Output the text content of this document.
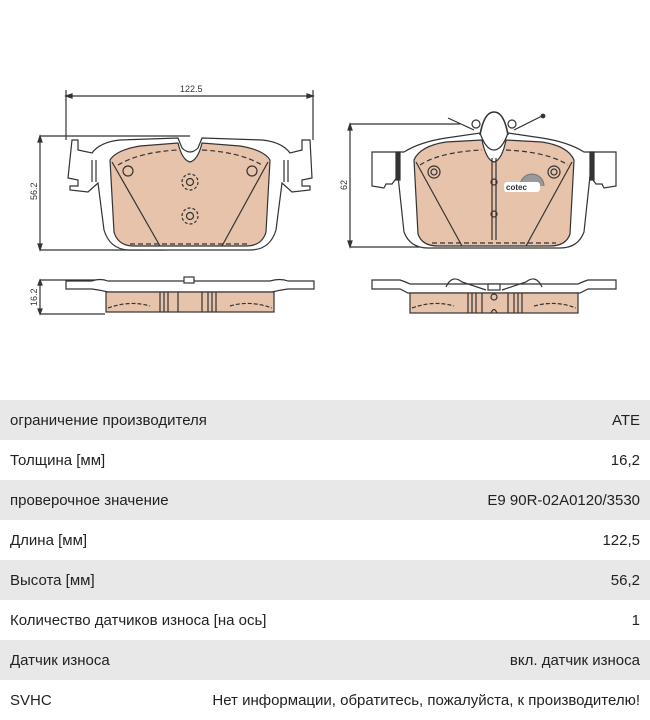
122.5
56.2	cotec
62
16.2
ограничение производителя	ATE
Толщина [мм]	16,2
проверочное значение	E9 90R-02A0120/3530
Длина [мм]	122,5
Высота [мм]	56,2
Количество датчиков износа [на ось]	1
Датчик износа	вкл. датчик износа
SVHC	Нет информации, обратитесь, пожалуйста, к производителю!
